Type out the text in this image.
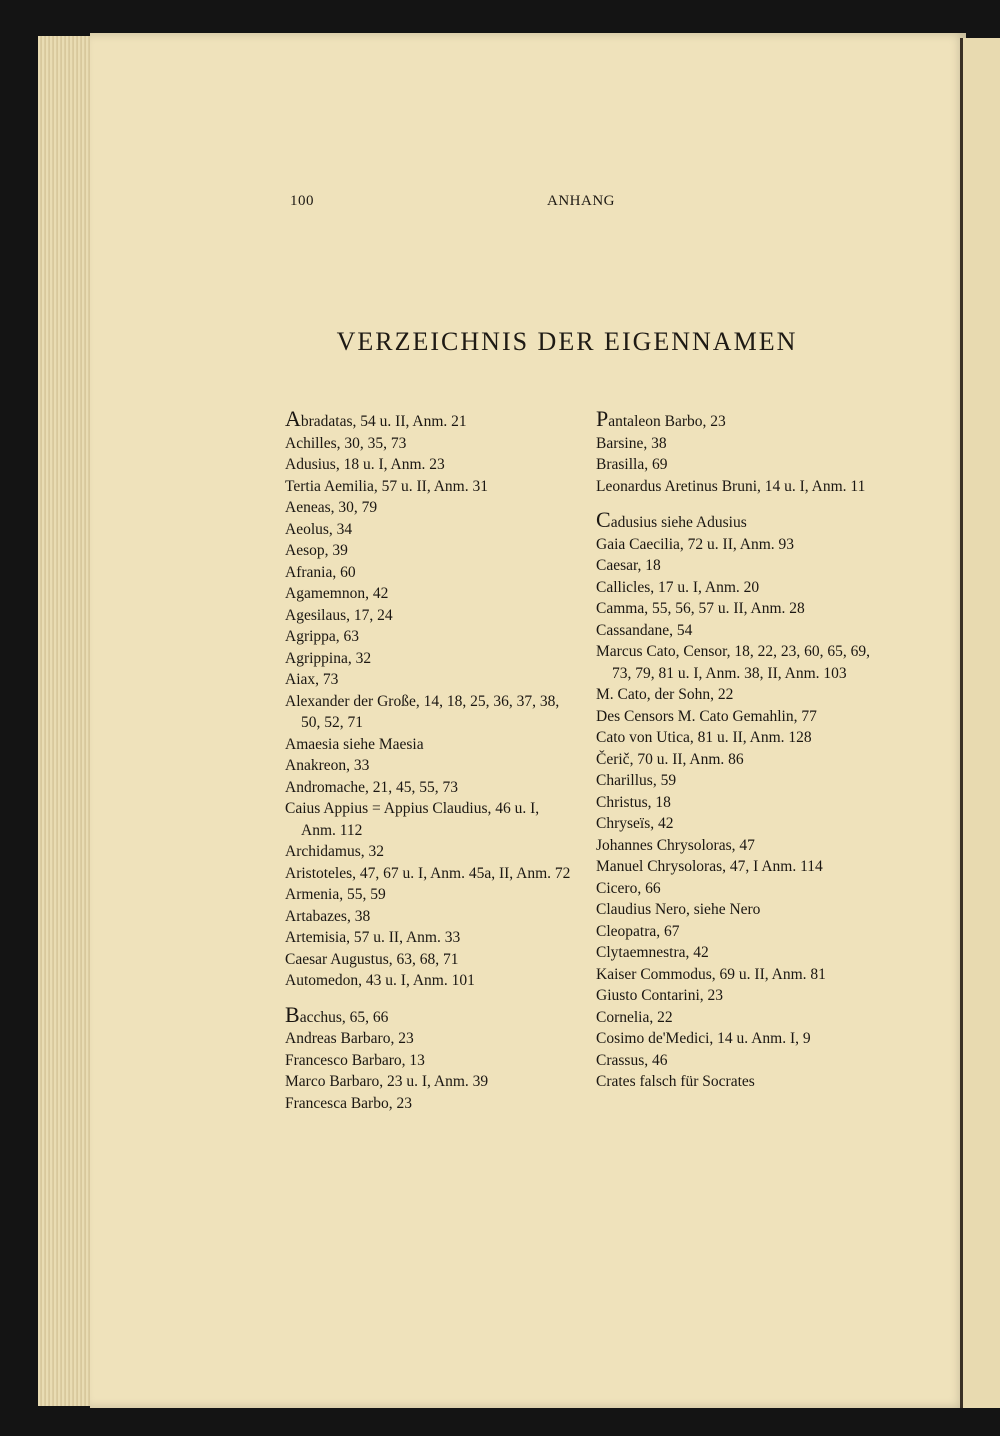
100	ANHANG
VERZEICHNIS DER EIGENNAMEN
Abradatas, 54 u. II, Anm. 21
Achilles, 30, 35, 73
Adusius, 18 u. I, Anm. 23
Tertia Aemilia, 57 u. II, Anm. 31
Aeneas, 30, 79
Aeolus, 34
Aesop, 39
Afrania, 60
Agamemnon, 42
Agesilaus, 17, 24
Agrippa, 63
Agrippina, 32
Aiax, 73
Alexander der Große, 14, 18, 25, 36, 37, 38, 50, 52, 71
Amaesia siehe Maesia
Anakreon, 33
Andromache, 21, 45, 55, 73
Caius Appius = Appius Claudius, 46 u. I, Anm. 112
Archidamus, 32
Aristoteles, 47, 67 u. I, Anm. 45a, II, Anm. 72
Armenia, 55, 59
Artabazes, 38
Artemisia, 57 u. II, Anm. 33
Caesar Augustus, 63, 68, 71
Automedon, 43 u. I, Anm. 101
Bacchus, 65, 66
Andreas Barbaro, 23
Francesco Barbaro, 13
Marco Barbaro, 23 u. I, Anm. 39
Francesca Barbo, 23
Pantaleon Barbo, 23
Barsine, 38
Brasilla, 69
Leonardus Aretinus Bruni, 14 u. I, Anm. 11
Cadusius siehe Adusius
Gaia Caecilia, 72 u. II, Anm. 93
Caesar, 18
Callicles, 17 u. I, Anm. 20
Camma, 55, 56, 57 u. II, Anm. 28
Cassandane, 54
Marcus Cato, Censor, 18, 22, 23, 60, 65, 69, 73, 79, 81 u. I, Anm. 38, II, Anm. 103
M. Cato, der Sohn, 22
Des Censors M. Cato Gemahlin, 77
Cato von Utica, 81 u. II, Anm. 128
Čerič, 70 u. II, Anm. 86
Charillus, 59
Christus, 18
Chryseïs, 42
Johannes Chrysoloras, 47
Manuel Chrysoloras, 47, I Anm. 114
Cicero, 66
Claudius Nero, siehe Nero
Cleopatra, 67
Clytaemnestra, 42
Kaiser Commodus, 69 u. II, Anm. 81
Giusto Contarini, 23
Cornelia, 22
Cosimo de'Medici, 14 u. Anm. I, 9
Crassus, 46
Crates falsch für Socrates
